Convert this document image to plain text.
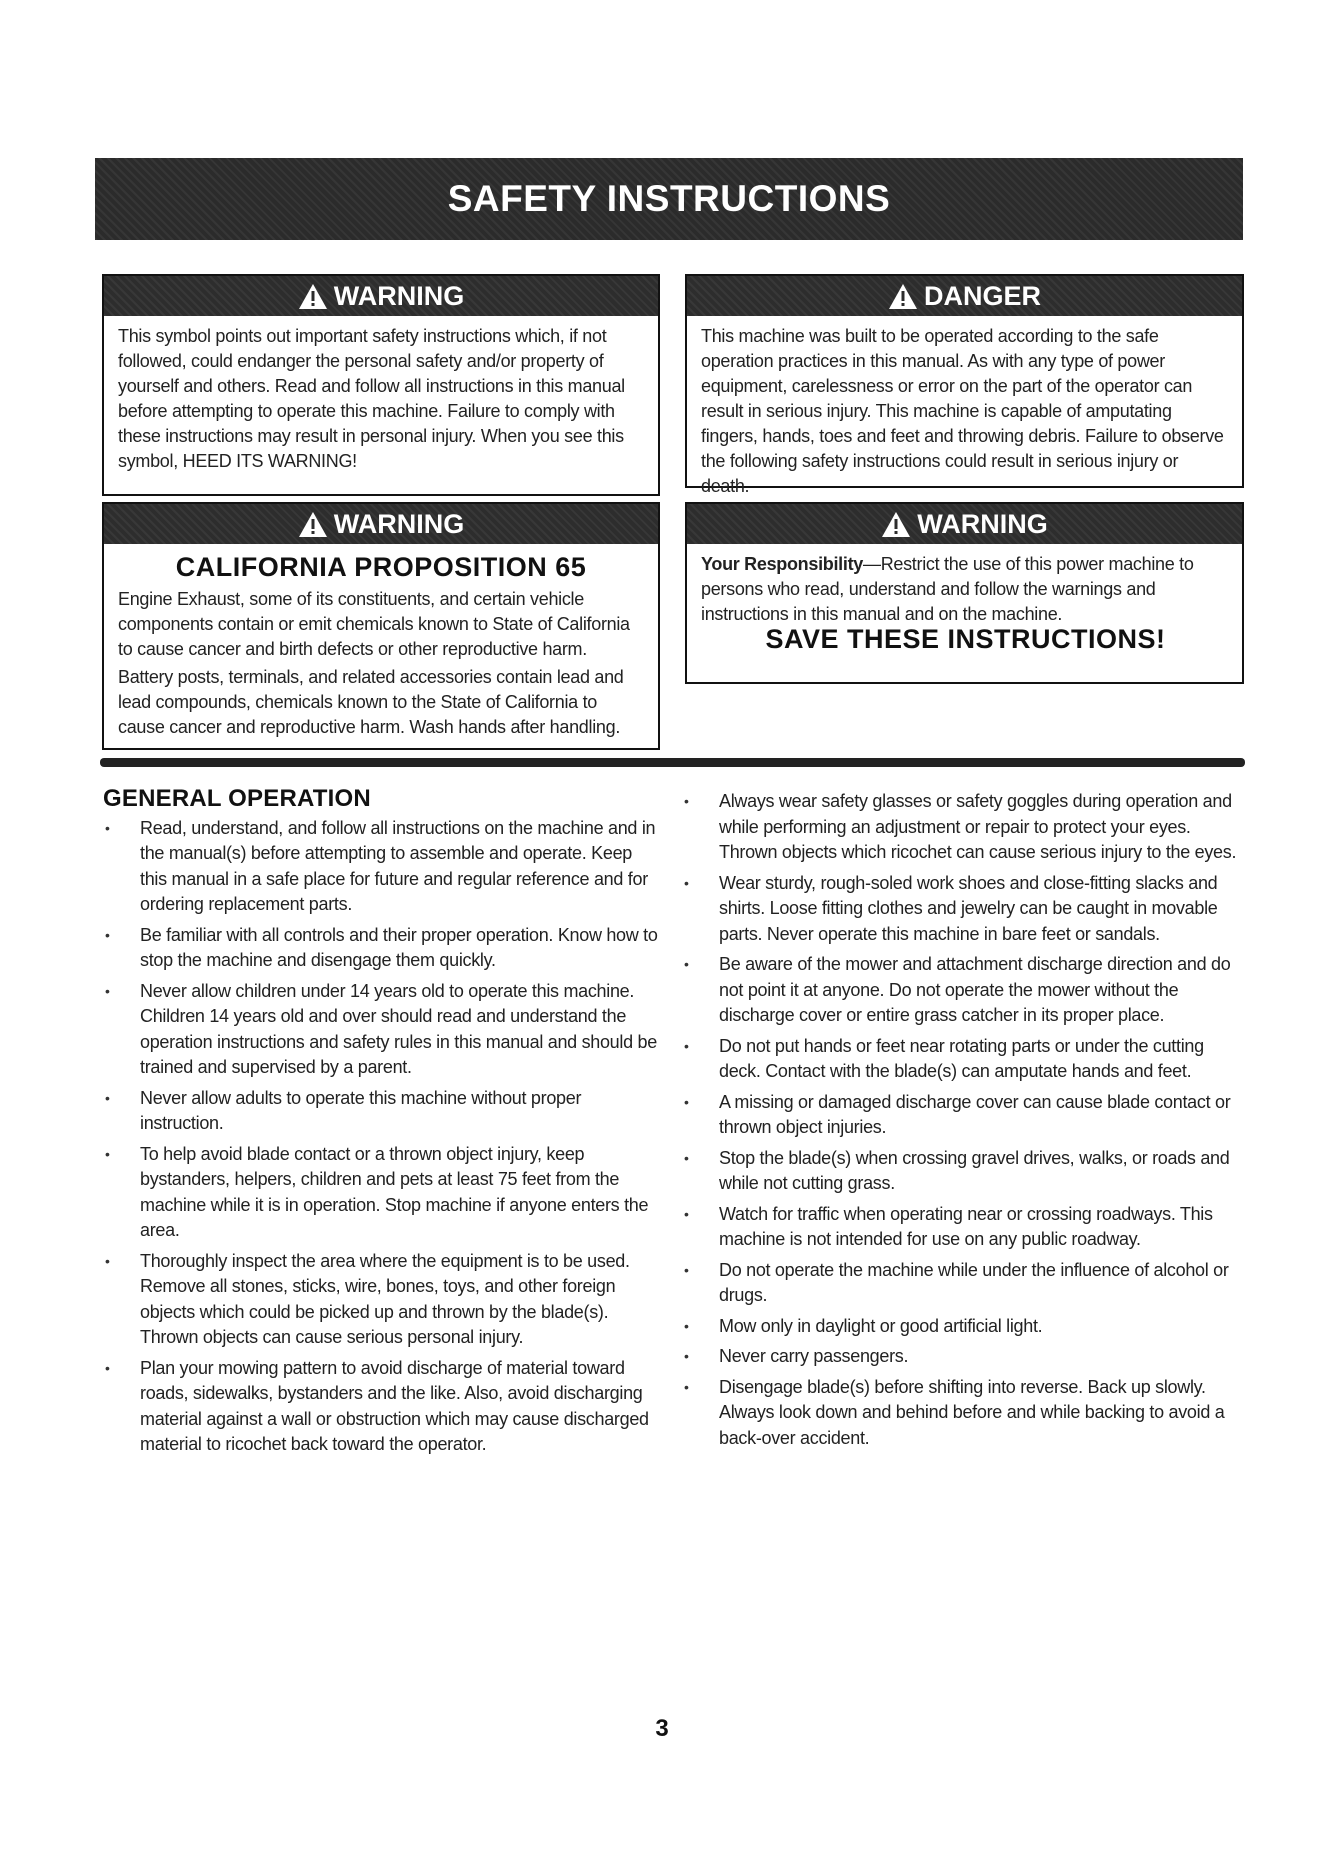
SAFETY INSTRUCTIONS
WARNING

This symbol points out important safety instructions which, if not followed, could endanger the personal safety and/or property of yourself and others. Read and follow all instructions in this manual before attempting to operate this machine. Failure to comply with these instructions may result in personal injury. When you see this symbol, HEED ITS WARNING!

DANGER

This machine was built to be operated according to the safe operation practices in this manual. As with any type of power equipment, carelessness or error on the part of the operator can result in serious injury. This machine is capable of amputating fingers, hands, toes and feet and throwing debris. Failure to observe the following safety instructions could result in serious injury or death.

WARNING

CALIFORNIA PROPOSITION 65

Engine Exhaust, some of its constituents, and certain vehicle components contain or emit chemicals known to State of California to cause cancer and birth defects or other reproductive harm.

Battery posts, terminals, and related accessories contain lead and lead compounds, chemicals known to the State of California to cause cancer and reproductive harm. Wash hands after handling.

WARNING

Your Responsibility—Restrict the use of this power machine to persons who read, understand and follow the warnings and instructions in this manual and on the machine.

SAVE THESE INSTRUCTIONS!

GENERAL OPERATION
• Read, understand, and follow all instructions on the machine and in the manual(s) before attempting to assemble and operate. Keep this manual in a safe place for future and regular reference and for ordering replacement parts.
• Be familiar with all controls and their proper operation. Know how to stop the machine and disengage them quickly.
• Never allow children under 14 years old to operate this machine. Children 14 years old and over should read and understand the operation instructions and safety rules in this manual and should be trained and supervised by a parent.
• Never allow adults to operate this machine without proper instruction.
• To help avoid blade contact or a thrown object injury, keep bystanders, helpers, children and pets at least 75 feet from the machine while it is in operation. Stop machine if anyone enters the area.
• Thoroughly inspect the area where the equipment is to be used. Remove all stones, sticks, wire, bones, toys, and other foreign objects which could be picked up and thrown by the blade(s). Thrown objects can cause serious personal injury.
• Plan your mowing pattern to avoid discharge of material toward roads, sidewalks, bystanders and the like. Also, avoid discharging material against a wall or obstruction which may cause discharged material to ricochet back toward the operator.
• Always wear safety glasses or safety goggles during operation and while performing an adjustment or repair to protect your eyes. Thrown objects which ricochet can cause serious injury to the eyes.
• Wear sturdy, rough-soled work shoes and close-fitting slacks and shirts. Loose fitting clothes and jewelry can be caught in movable parts. Never operate this machine in bare feet or sandals.
• Be aware of the mower and attachment discharge direction and do not point it at anyone. Do not operate the mower without the discharge cover or entire grass catcher in its proper place.
• Do not put hands or feet near rotating parts or under the cutting deck. Contact with the blade(s) can amputate hands and feet.
• A missing or damaged discharge cover can cause blade contact or thrown object injuries.
• Stop the blade(s) when crossing gravel drives, walks, or roads and while not cutting grass.
• Watch for traffic when operating near or crossing roadways. This machine is not intended for use on any public roadway.
• Do not operate the machine while under the influence of alcohol or drugs.
• Mow only in daylight or good artificial light.
• Never carry passengers.
• Disengage blade(s) before shifting into reverse. Back up slowly. Always look down and behind before and while backing to avoid a back-over accident.
3
